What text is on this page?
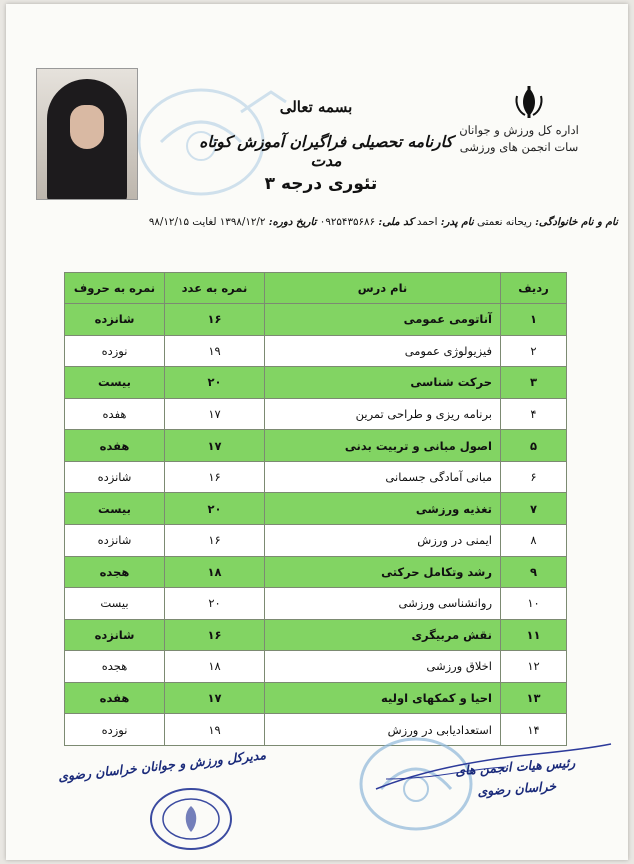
اداره کل ورزش و جوانان
سات انجمن های ورزشی
بسمه تعالی
کارنامه تحصیلی فراگیران آموزش کوتاه مدت
تئوری درجه ۳
نام و نام خانوادگی: ریحانه نعمتی نام پدر: احمد کد ملی: ۰۹۲۵۴۳۵۶۸۶ تاریخ دوره: ۱۳۹۸/۱۲/۲ لغایت ۹۸/۱۲/۱۵
ردیف	نام درس	نمره به عدد	نمره به حروف
۱	آناتومی عمومی	۱۶	شانزده
۲	فیزیولوژی عمومی	۱۹	نوزده
۳	حرکت شناسی	۲۰	بیست
۴	برنامه ریزی و طراحی تمرین	۱۷	هفده
۵	اصول مبانی و تربیت بدنی	۱۷	هفده
۶	مبانی آمادگی جسمانی	۱۶	شانزده
۷	تغذیه ورزشی	۲۰	بیست
۸	ایمنی در ورزش	۱۶	شانزده
۹	رشد وتکامل حرکتی	۱۸	هجده
۱۰	روانشناسی ورزشی	۲۰	بیست
۱۱	نقش مربیگری	۱۶	شانزده
۱۲	اخلاق ورزشی	۱۸	هجده
۱۳	احیا و کمکهای اولیه	۱۷	هفده
۱۴	استعدادیابی در ورزش	۱۹	نوزده
مدیرکل ورزش و جوانان خراسان رضوی	رئیس هیات انجمن های
خراسان رضوی
